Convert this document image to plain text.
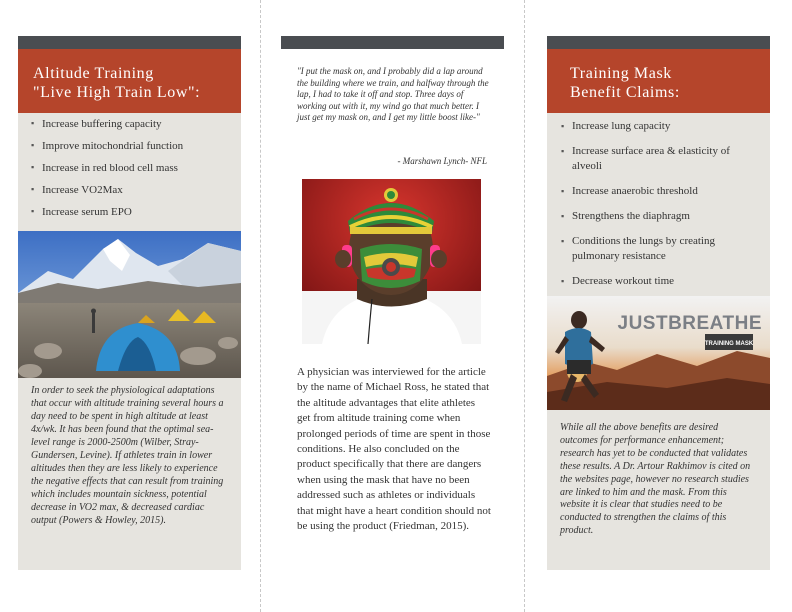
Altitude Training
"Live High Train Low":
▪ Increase buffering capacity
▪ Improve mitochondrial function
▪ Increase in red blood cell mass
▪ Increase VO2Max
▪ Increase serum EPO
In order to seek the physiological adaptations that occur with altitude training several hours a day need to be spent in high altitude at least 4x/wk. It has been found that the optimal sea-level range is 2000-2500m (Wilber, Stray-Gundersen, Levine). If athletes train in lower altitudes then they are less likely to experience the negative effects that can result from training which includes mountain sickness, potential decrease in VO2 max, & decreased cardiac output (Powers & Howley, 2015).
"I put the mask on, and I probably did a lap around the building where we train, and halfway through the lap, I had to take it off and stop. Three days of working out with it, my wind go that much better. I just get my mask on, and I get my little boost like-"
- Marshawn Lynch- NFL
A physician was interviewed for the article by the name of Michael Ross, he stated that the altitude advantages that elite athletes get from altitude training come when prolonged periods of time are spent in those conditions. He also concluded on the product specifically that there are dangers when using the mask that have no been addressed such as athletes or individuals that might have a heart condition should not be using the product (Friedman, 2015).
Training Mask
Benefit Claims:
▪ Increase lung capacity
▪ Increase surface area & elasticity of alveoli
▪ Increase anaerobic threshold
▪ Strengthens the diaphragm
▪ Conditions the lungs by creating pulmonary resistance
▪ Decrease workout time
JUSTBREATHE
TRAINING MASK
While all the above benefits are desired outcomes for performance enhancement; research has yet to be conducted that validates these results. A Dr. Artour Rakhimov is cited on the websites page, however no research studies are linked to him and the mask. From this website it is clear that studies need to be conducted to strengthen the claims of this product.
